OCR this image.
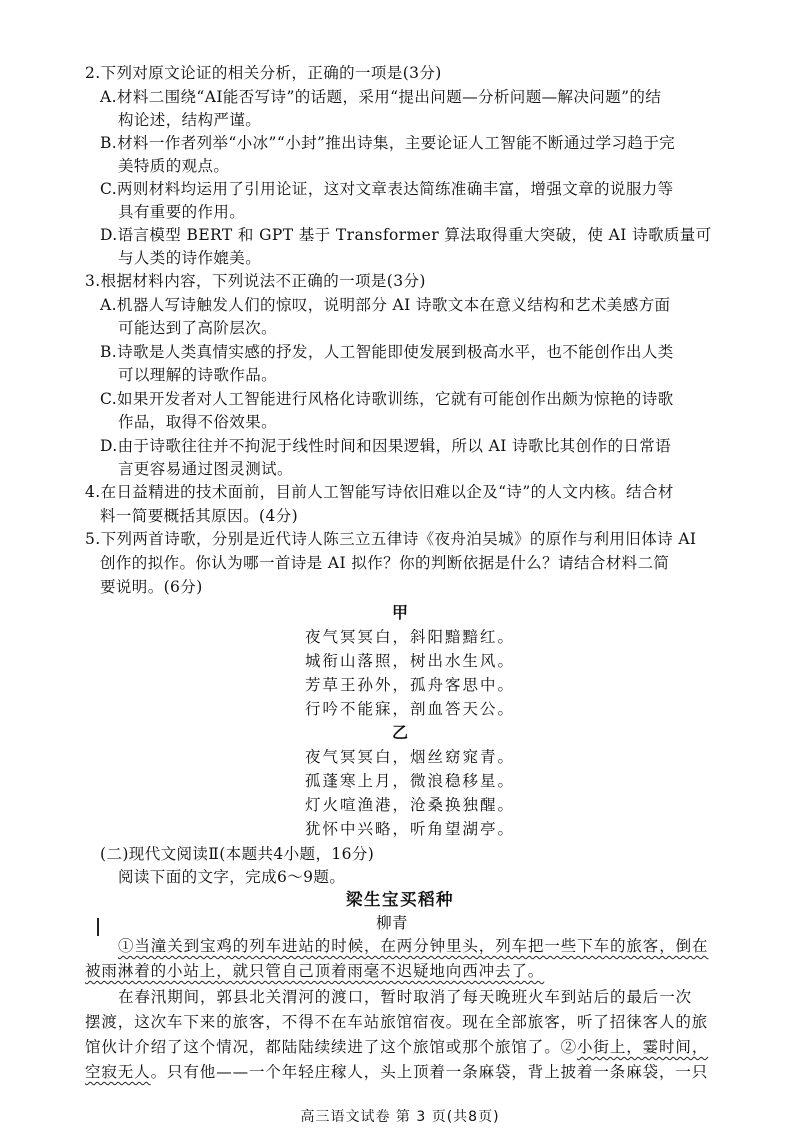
2.下列对原文论证的相关分析，正确的一项是(3分)
A.材料二围绕“AI能否写诗”的话题，采用“提出问题—分析问题—解决问题”的结
构论述，结构严谨。
B.材料一作者列举“小冰”“小封”推出诗集，主要论证人工智能不断通过学习趋于完
美特质的观点。
C.两则材料均运用了引用论证，这对文章表达简练准确丰富，增强文章的说服力等
具有重要的作用。
D.语言模型 BERT 和 GPT 基于 Transformer 算法取得重大突破，使 AI 诗歌质量可
与人类的诗作媲美。
3.根据材料内容，下列说法不正确的一项是(3分)
A.机器人写诗触发人们的惊叹，说明部分 AI 诗歌文本在意义结构和艺术美感方面
可能达到了高阶层次。
B.诗歌是人类真情实感的抒发，人工智能即使发展到极高水平，也不能创作出人类
可以理解的诗歌作品。
C.如果开发者对人工智能进行风格化诗歌训练，它就有可能创作出颇为惊艳的诗歌
作品，取得不俗效果。
D.由于诗歌往往并不拘泥于线性时间和因果逻辑，所以 AI 诗歌比其创作的日常语
言更容易通过图灵测试。
4.在日益精进的技术面前，目前人工智能写诗依旧难以企及“诗”的人文内核。结合材
料一简要概括其原因。(4分)
5.下列两首诗歌，分别是近代诗人陈三立五律诗《夜舟泊吴城》的原作与利用旧体诗 AI
创作的拟作。你认为哪一首诗是 AI 拟作？你的判断依据是什么？请结合材料二简
要说明。(6分)
甲
夜气冥冥白，斜阳黯黯红。
城衔山落照，树出水生风。
芳草王孙外，孤舟客思中。
行吟不能寐，剖血答天公。
乙
夜气冥冥白，烟丝窈窕青。
孤蓬寒上月，微浪稳移星。
灯火喧渔港，沧桑换独醒。
犹怀中兴略，听角望湖亭。
(二)现代文阅读Ⅱ(本题共4小题，16分)
阅读下面的文字，完成6～9题。
梁生宝买稻种
柳青
①当潼关到宝鸡的列车进站的时候，在两分钟里头，列车把一些下车的旅客，倒在
被雨淋着的小站上，就只管自己顶着雨毫不迟疑地向西冲去了。
在春汛期间，郭县北关渭河的渡口，暂时取消了每天晚班火车到站后的最后一次
摆渡，这次车下来的旅客，不得不在车站旅馆宿夜。现在全部旅客，听了招徕客人的旅
馆伙计介绍了这个情况，都陆陆续续进了这个旅馆或那个旅馆了。②小街上，霎时间，
空寂无人。只有他——一个年轻庄稼人，头上顶着一条麻袋，背上披着一条麻袋，一只
高三语文试卷 第 3 页(共8页)
